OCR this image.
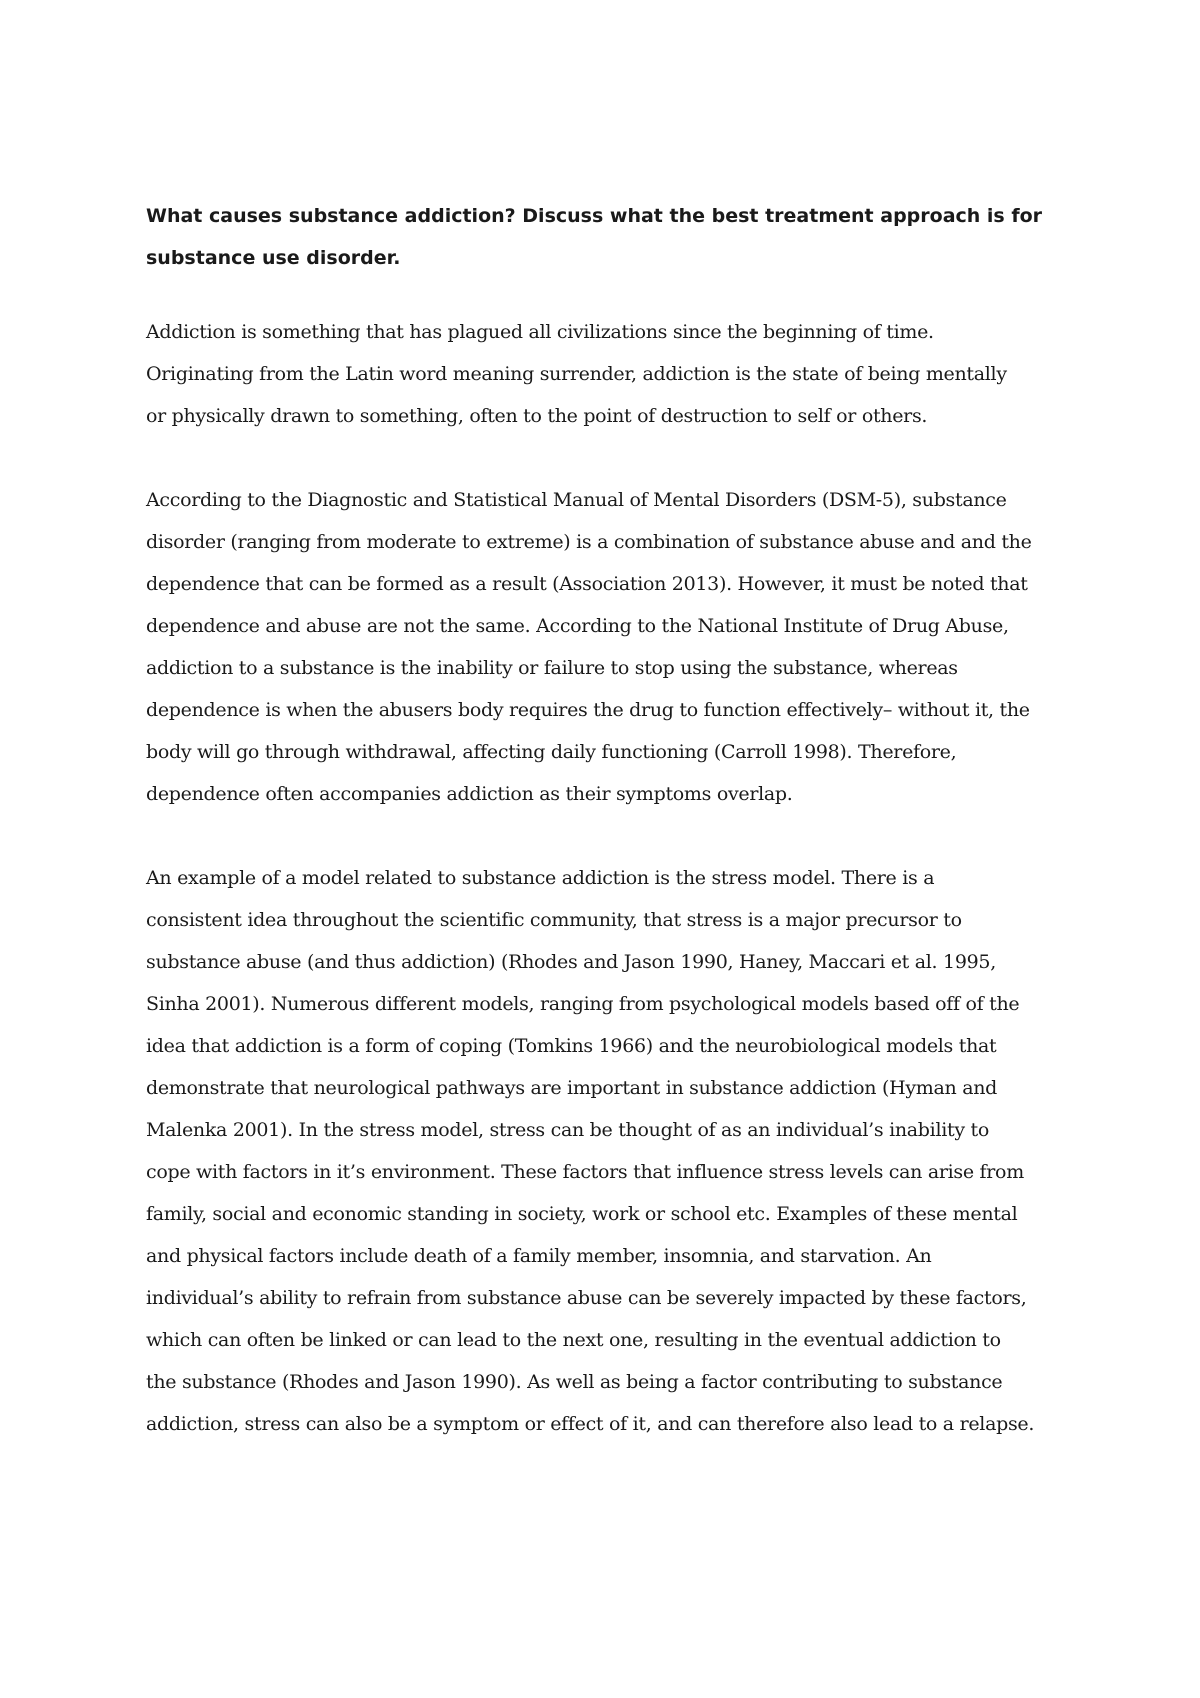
What causes substance addiction? Discuss what the best treatment approach is for
substance use disorder.
Addiction is something that has plagued all civilizations since the beginning of time.
Originating from the Latin word meaning surrender, addiction is the state of being mentally
or physically drawn to something, often to the point of destruction to self or others.
According to the Diagnostic and Statistical Manual of Mental Disorders (DSM-5), substance
disorder (ranging from moderate to extreme) is a combination of substance abuse and and the
dependence that can be formed as a result (Association 2013). However, it must be noted that
dependence and abuse are not the same. According to the National Institute of Drug Abuse,
addiction to a substance is the inability or failure to stop using the substance, whereas
dependence is when the abusers body requires the drug to function effectively– without it, the
body will go through withdrawal, affecting daily functioning (Carroll 1998). Therefore,
dependence often accompanies addiction as their symptoms overlap.
An example of a model related to substance addiction is the stress model. There is a
consistent idea throughout the scientific community, that stress is a major precursor to
substance abuse (and thus addiction) (Rhodes and Jason 1990, Haney, Maccari et al. 1995,
Sinha 2001). Numerous different models, ranging from psychological models based off of the
idea that addiction is a form of coping (Tomkins 1966) and the neurobiological models that
demonstrate that neurological pathways are important in substance addiction (Hyman and
Malenka 2001). In the stress model, stress can be thought of as an individual’s inability to
cope with factors in it’s environment. These factors that influence stress levels can arise from
family, social and economic standing in society, work or school etc. Examples of these mental
and physical factors include death of a family member, insomnia, and starvation. An
individual’s ability to refrain from substance abuse can be severely impacted by these factors,
which can often be linked or can lead to the next one, resulting in the eventual addiction to
the substance (Rhodes and Jason 1990). As well as being a factor contributing to substance
addiction, stress can also be a symptom or effect of it, and can therefore also lead to a relapse.
